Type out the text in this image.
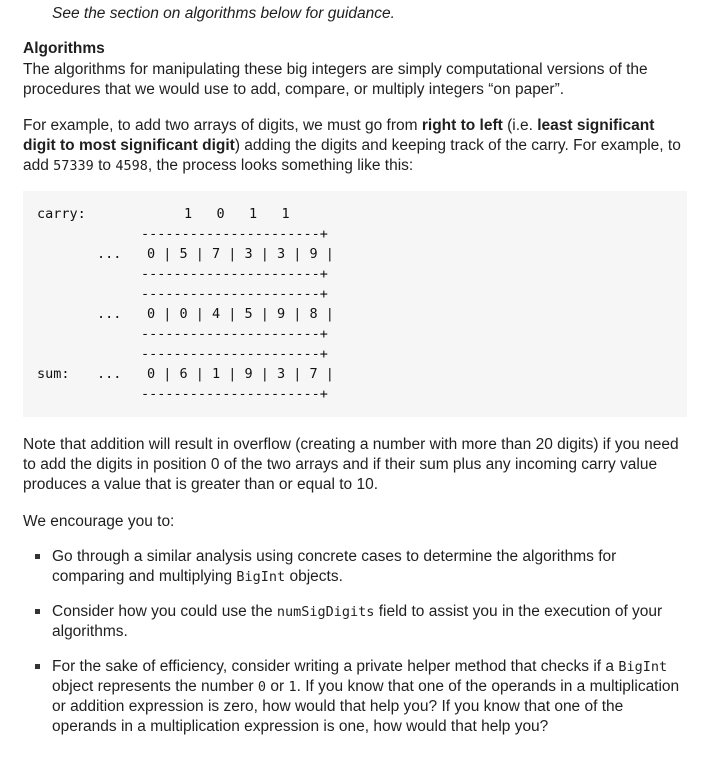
See the section on algorithms below for guidance.
Algorithms
The algorithms for manipulating these big integers are simply computational versions of the procedures that we would use to add, compare, or multiply integers “on paper”.
For example, to add two arrays of digits, we must go from right to left (i.e. least significant digit to most significant digit) adding the digits and keeping track of the carry. For example, to add 57339 to 4598, the process looks something like this:
carry:	1   0   1   1
----------------------+
... 0 | 5 | 7 | 3 | 3 | 9 |
----------------------+
----------------------+
... 0 | 0 | 4 | 5 | 9 | 8 |
----------------------+
----------------------+
sum: ... 0 | 6 | 1 | 9 | 3 | 7 |
----------------------+
Note that addition will result in overflow (creating a number with more than 20 digits) if you need to add the digits in position 0 of the two arrays and if their sum plus any incoming carry value produces a value that is greater than or equal to 10.
We encourage you to:
Go through a similar analysis using concrete cases to determine the algorithms for comparing and multiplying BigInt objects.
Consider how you could use the numSigDigits field to assist you in the execution of your algorithms.
For the sake of efficiency, consider writing a private helper method that checks if a BigInt object represents the number 0 or 1. If you know that one of the operands in a multiplication or addition expression is zero, how would that help you? If you know that one of the operands in a multiplication expression is one, how would that help you?
